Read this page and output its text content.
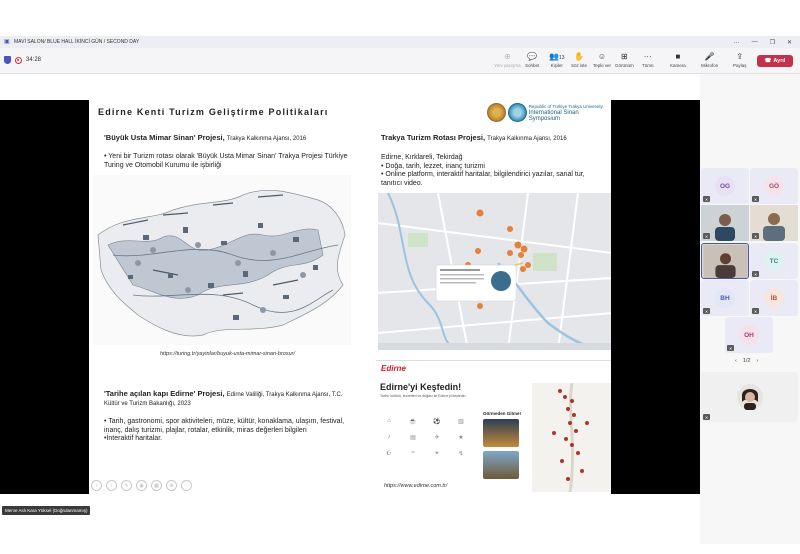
▣ MAVİ SALON/ BLUE HALL İKİNCİ GÜN / SECOND DAY	… — ❐ ✕
34:28	⊕
Yeni yazışma
💬
Sohbet
👥13
Kişiler
✋
Söz iste
☺
Tepki ver
⊞
Görünüm
···
Tümü
■
Kamera
🎤
Mikrofon
⇪
Paylaş
☎ Ayrıl
Edirne Kenti Turizm Geliştirme Politikaları
Republic of Türkiye Trakya University
International Sinan Symposium
'Büyük Usta Mimar Sinan' Projesi, Trakya Kalkınma Ajansı, 2016
• Yeni bir Turizm rotası olarak 'Büyük Usta Mimar Sinan' Trakya Projesi Türkiye Turing ve Otomobil Kurumu ile işbirliği
https://turing.tr/yayinlar/buyuk-usta-mimar-sinan-brosur/
'Tarihe açılan kapı Edirne' Projesi, Edirne Valiliği, Trakya Kalkınma Ajansı, T.C. Kültür ve Turizm Bakanlığı, 2023
• Tarih, gastronomi, spor aktiviteleri, müze, kültür, konaklama, ulaşım, festival, inanç, dalış turizmi, plajlar, rotalar, etkinlik, miras değerleri bilgileri
•İnteraktif haritalar.
Trakya Turizm Rotası Projesi, Trakya Kalkınma Ajansı, 2016
Edirne, Kırklareli, Tekirdağ
• Doğa, tarih, lezzet, inanç turizmi
• Online platform, interaktif haritalar, bilgilendirici yazılar, sanal tur, tanıtıcı video.
Edirne
Edirne'yi Keşfedin!
Tarihi, kültürü, lezzetleri ve doğası ile Edirne'yi keşfedin
⌂	☕	⚽	▥
♪	▤	✈	★
☪	≈	☀	↯
Görmeden Gitme!
https://www.edirne.com.tr/
‹	›	✎	◉	▦	⊕	···
OG
✕
GÖ
✕
✕	✕
TC
✕
BH
✕
İB
✕
OH
✕
‹ 1/2 ›
✕
Merve Aslı Kara Yüksel (Doğrulanmamış)
